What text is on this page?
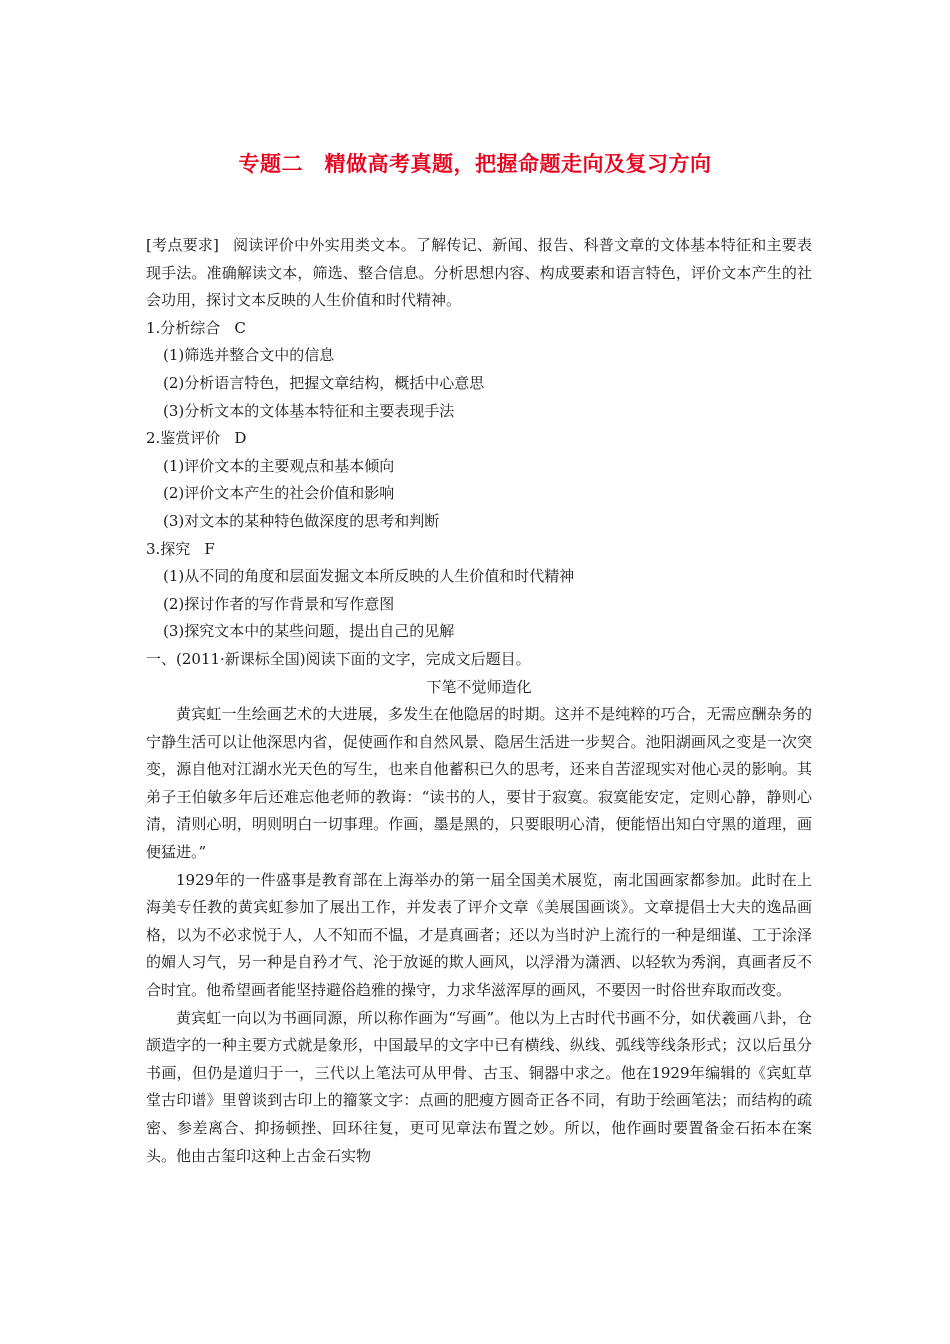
专题二　精做高考真题，把握命题走向及复习方向

[考点要求] 阅读评价中外实用类文本。了解传记、新闻、报告、科普文章的文体基本特征和主要表现手法。准确解读文本，筛选、整合信息。分析思想内容、构成要素和语言特色，评价文本产生的社会功用，探讨文本反映的人生价值和时代精神。

1.分析综合 C

(1)筛选并整合文中的信息

(2)分析语言特色，把握文章结构，概括中心意思

(3)分析文本的文体基本特征和主要表现手法

2.鉴赏评价 D

(1)评价文本的主要观点和基本倾向

(2)评价文本产生的社会价值和影响

(3)对文本的某种特色做深度的思考和判断

3.探究 F

(1)从不同的角度和层面发掘文本所反映的人生价值和时代精神

(2)探讨作者的写作背景和写作意图

(3)探究文本中的某些问题，提出自己的见解

一、(2011·新课标全国)阅读下面的文字，完成文后题目。

下笔不觉师造化

黄宾虹一生绘画艺术的大进展，多发生在他隐居的时期。这并不是纯粹的巧合，无需应酬杂务的宁静生活可以让他深思内省，促使画作和自然风景、隐居生活进一步契合。池阳湖画风之变是一次突变，源自他对江湖水光天色的写生，也来自他蓄积已久的思考，还来自苦涩现实对他心灵的影响。其弟子王伯敏多年后还难忘他老师的教诲：“读书的人，要甘于寂寞。寂寞能安定，定则心静，静则心清，清则心明，明则明白一切事理。作画，墨是黑的，只要眼明心清，便能悟出知白守黑的道理，画便猛进。”

1929年的一件盛事是教育部在上海举办的第一届全国美术展览，南北国画家都参加。此时在上海美专任教的黄宾虹参加了展出工作，并发表了评介文章《美展国画谈》。文章提倡士大夫的逸品画格，以为不必求悦于人，人不知而不愠，才是真画者；还以为当时沪上流行的一种是细谨、工于涂泽的媚人习气，另一种是自矜才气、沦于放诞的欺人画风，以浮滑为潇洒、以轻软为秀润，真画者反不合时宜。他希望画者能坚持避俗趋雅的操守，力求华滋浑厚的画风，不要因一时俗世弃取而改变。

黄宾虹一向以为书画同源，所以称作画为“写画”。他以为上古时代书画不分，如伏羲画八卦，仓颉造字的一种主要方式就是象形，中国最早的文字中已有横线、纵线、弧线等线条形式；汉以后虽分书画，但仍是道归于一，三代以上笔法可从甲骨、古玉、铜器中求之。他在1929年编辑的《宾虹草堂古印谱》里曾谈到古印上的籀篆文字：点画的肥瘦方圆奇正各不同，有助于绘画笔法；而结构的疏密、参差离合、抑扬顿挫、回环往复，更可见章法布置之妙。所以，他作画时要置备金石拓本在案头。他由古玺印这种上古金石实物
